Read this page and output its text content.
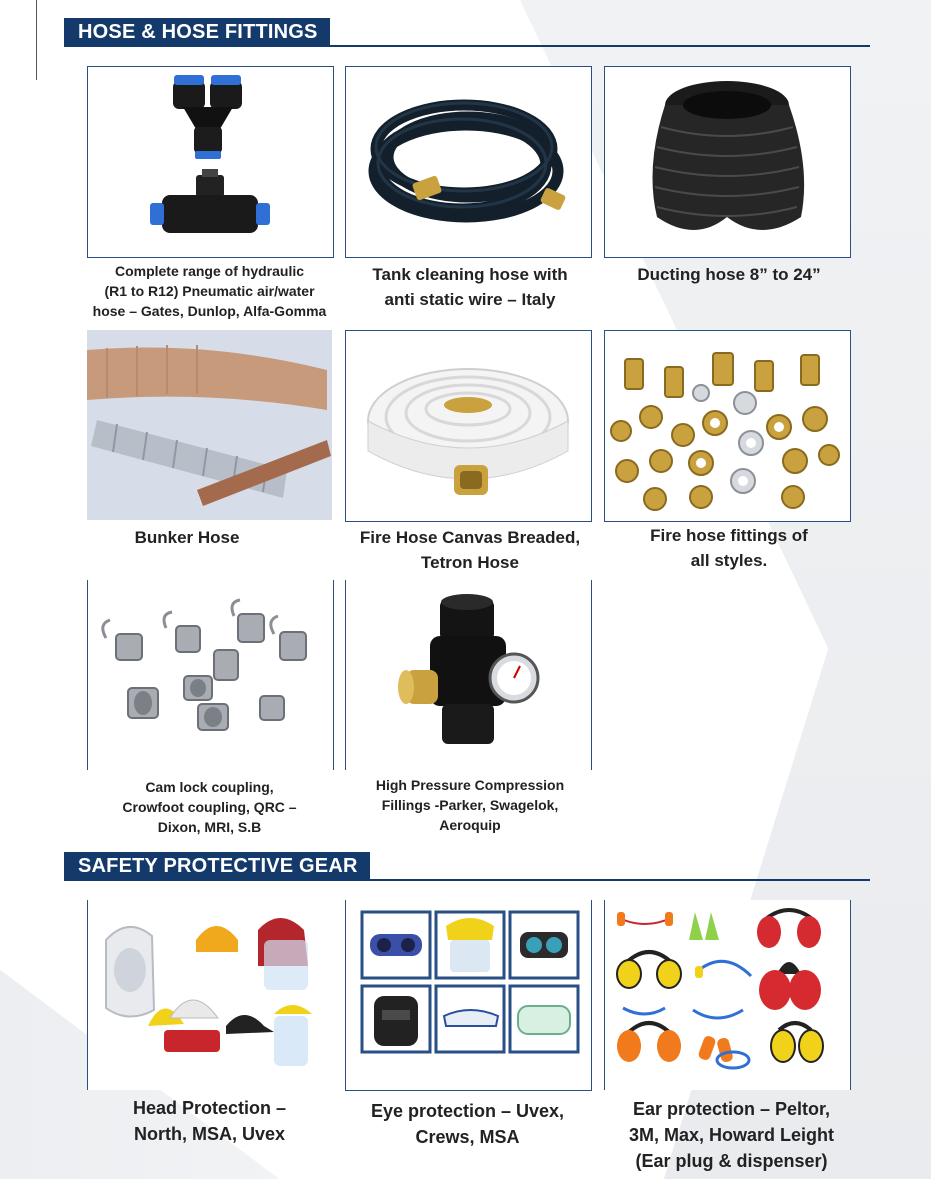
HOSE & HOSE FITTINGS
Complete range of hydraulic
(R1 to R12) Pneumatic air/water
hose – Gates, Dunlop, Alfa-Gomma
Tank cleaning hose with
anti static wire – Italy
Ducting hose 8” to 24”
Bunker Hose	Fire Hose Canvas Breaded,
Tetron Hose
Fire hose fittings of
all styles.
Cam lock coupling,
Crowfoot coupling, QRC –
Dixon, MRI, S.B
High Pressure Compression
Fillings -Parker, Swagelok,
Aeroquip
SAFETY PROTECTIVE GEAR
Head Protection –
North, MSA, Uvex
Eye protection – Uvex,
Crews, MSA
Ear protection – Peltor,
3M, Max, Howard Leight
(Ear plug & dispenser)
